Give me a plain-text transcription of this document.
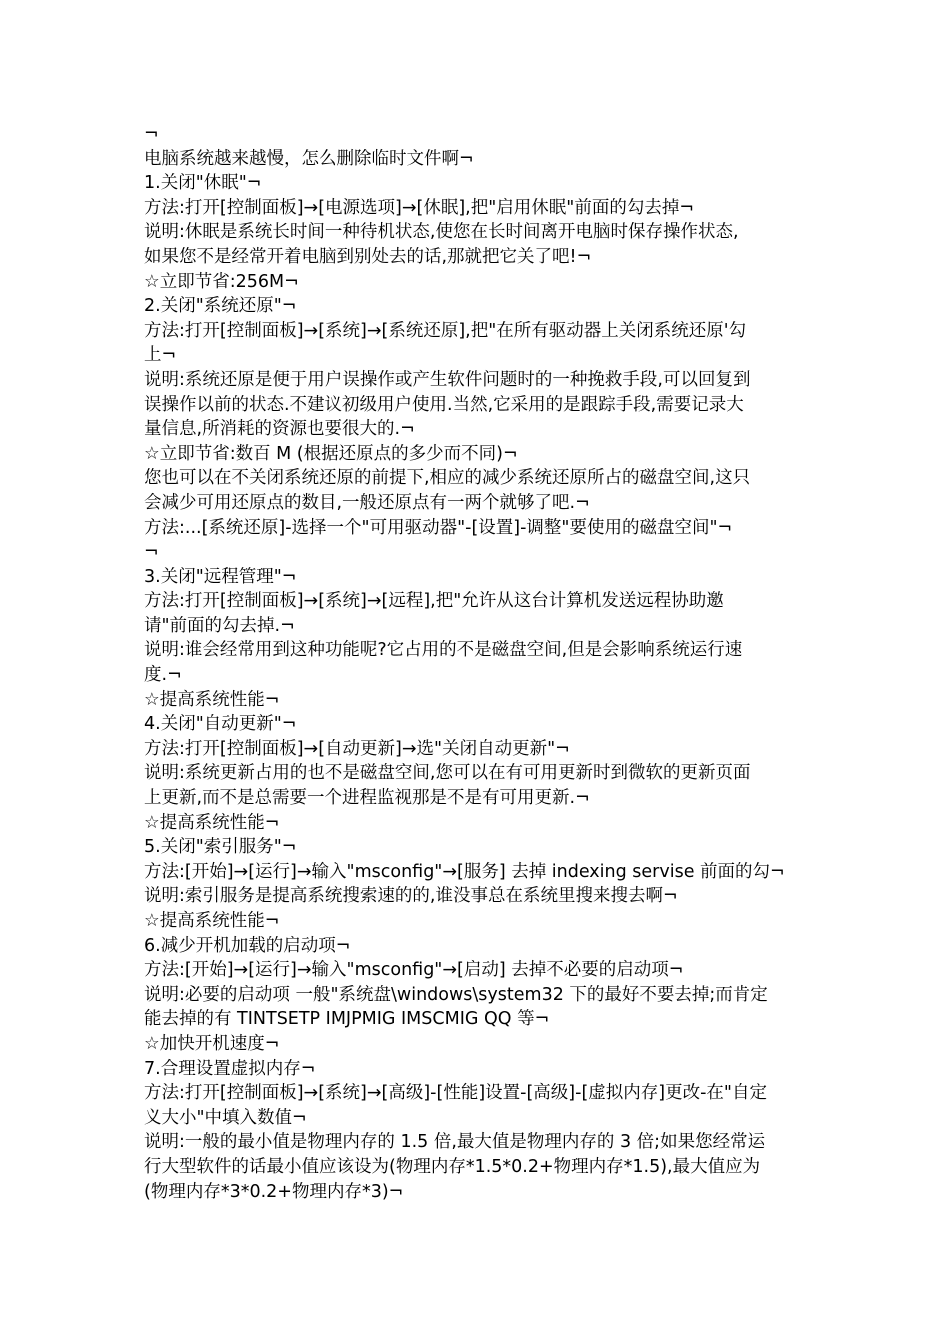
¬
电脑系统越来越慢，怎么删除临时文件啊¬
1.关闭"休眠"¬
方法:打开[控制面板]→[电源选项]→[休眠],把"启用休眠"前面的勾去掉¬
说明:休眠是系统长时间一种待机状态,使您在长时间离开电脑时保存操作状态,
如果您不是经常开着电脑到别处去的话,那就把它关了吧!¬
☆立即节省:256M¬
2.关闭"系统还原"¬
方法:打开[控制面板]→[系统]→[系统还原],把"在所有驱动器上关闭系统还原'勾
上¬
说明:系统还原是便于用户误操作或产生软件问题时的一种挽救手段,可以回复到
误操作以前的状态.不建议初级用户使用.当然,它采用的是跟踪手段,需要记录大
量信息,所消耗的资源也要很大的.¬
☆立即节省:数百 M (根据还原点的多少而不同)¬
您也可以在不关闭系统还原的前提下,相应的减少系统还原所占的磁盘空间,这只
会减少可用还原点的数目,一般还原点有一两个就够了吧.¬
方法:...[系统还原]-选择一个"可用驱动器"-[设置]-调整"要使用的磁盘空间"¬
¬
3.关闭"远程管理"¬
方法:打开[控制面板]→[系统]→[远程],把"允许从这台计算机发送远程协助邀
请"前面的勾去掉.¬
说明:谁会经常用到这种功能呢?它占用的不是磁盘空间,但是会影响系统运行速
度.¬
☆提高系统性能¬
4.关闭"自动更新"¬
方法:打开[控制面板]→[自动更新]→选"关闭自动更新"¬
说明:系统更新占用的也不是磁盘空间,您可以在有可用更新时到微软的更新页面
上更新,而不是总需要一个进程监视那是不是有可用更新.¬
☆提高系统性能¬
5.关闭"索引服务"¬
方法:[开始]→[运行]→输入"msconfig"→[服务] 去掉 indexing servise 前面的勾¬
说明:索引服务是提高系统搜索速的的,谁没事总在系统里搜来搜去啊¬
☆提高系统性能¬
6.减少开机加载的启动项¬
方法:[开始]→[运行]→输入"msconfig"→[启动] 去掉不必要的启动项¬
说明:必要的启动项 一般"系统盘\windows\system32 下的最好不要去掉;而肯定
能去掉的有 TINTSETP IMJPMIG IMSCMIG QQ 等¬
☆加快开机速度¬
7.合理设置虚拟内存¬
方法:打开[控制面板]→[系统]→[高级]-[性能]设置-[高级]-[虚拟内存]更改-在"自定
义大小"中填入数值¬
说明:一般的最小值是物理内存的 1.5 倍,最大值是物理内存的 3 倍;如果您经常运
行大型软件的话最小值应该设为(物理内存*1.5*0.2+物理内存*1.5),最大值应为
(物理内存*3*0.2+物理内存*3)¬
